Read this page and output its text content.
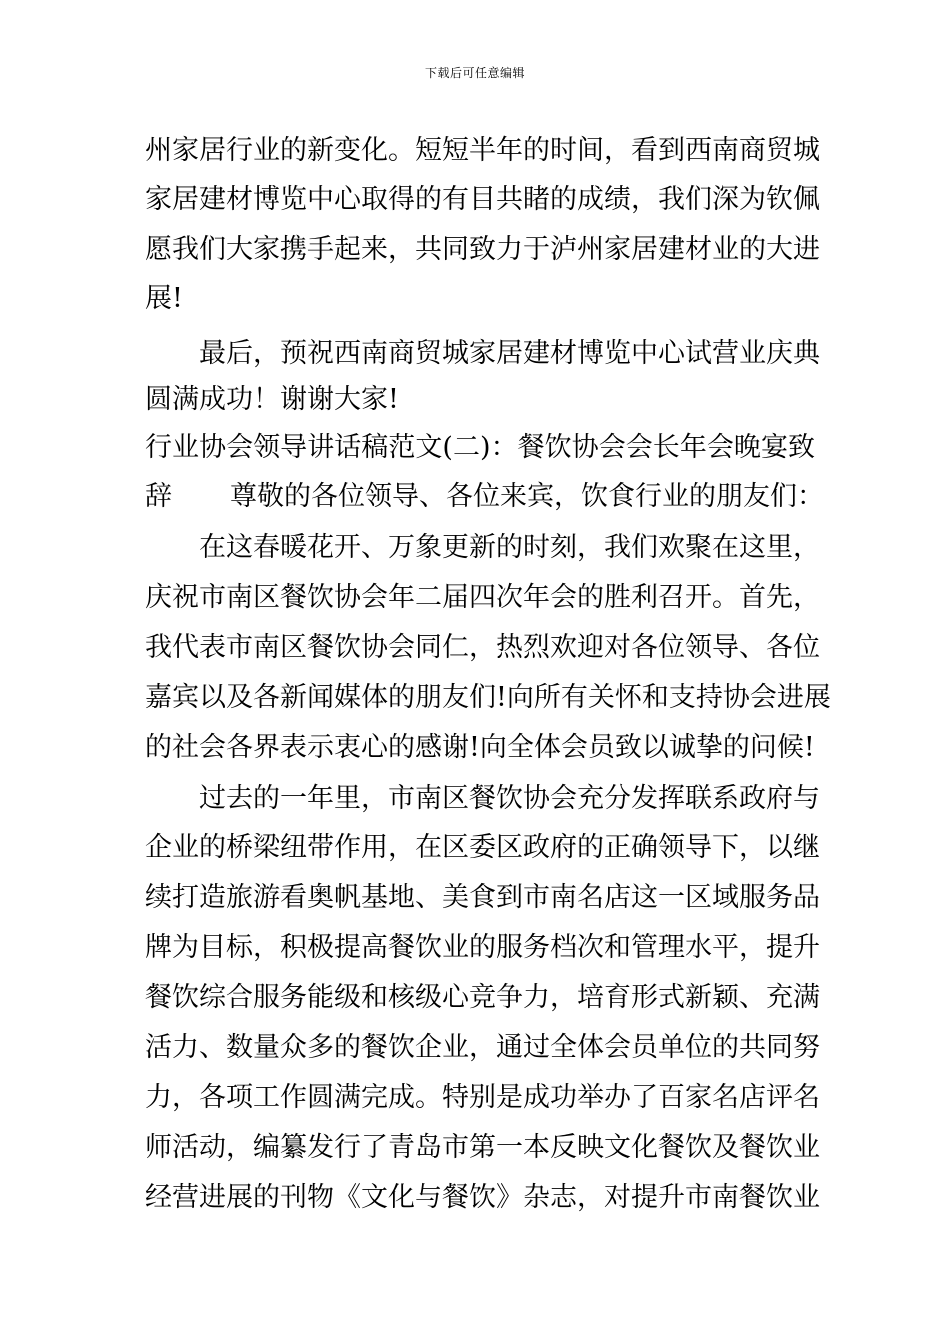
下载后可任意编辑
州家居行业的新变化。短短半年的时间，看到西南商贸城
家居建材博览中心取得的有目共睹的成绩，我们深为钦佩
愿我们大家携手起来，共同致力于泸州家居建材业的大进
展!
最后，预祝西南商贸城家居建材博览中心试营业庆典
圆满成功！谢谢大家!
行业协会领导讲话稿范文(二)：餐饮协会会长年会晚宴致
辞 尊敬的各位领导、各位来宾，饮食行业的朋友们：
在这春暖花开、万象更新的时刻，我们欢聚在这里，
庆祝市南区餐饮协会年二届四次年会的胜利召开。首先，
我代表市南区餐饮协会同仁，热烈欢迎对各位领导、各位
嘉宾以及各新闻媒体的朋友们!向所有关怀和支持协会进展
的社会各界表示衷心的感谢!向全体会员致以诚挚的问候!
过去的一年里，市南区餐饮协会充分发挥联系政府与
企业的桥梁纽带作用，在区委区政府的正确领导下，以继
续打造旅游看奥帆基地、美食到市南名店这一区域服务品
牌为目标，积极提高餐饮业的服务档次和管理水平，提升
餐饮综合服务能级和核级心竞争力，培育形式新颖、充满
活力、数量众多的餐饮企业，通过全体会员单位的共同努
力，各项工作圆满完成。特别是成功举办了百家名店评名
师活动，编纂发行了青岛市第一本反映文化餐饮及餐饮业
经营进展的刊物《文化与餐饮》杂志，对提升市南餐饮业
